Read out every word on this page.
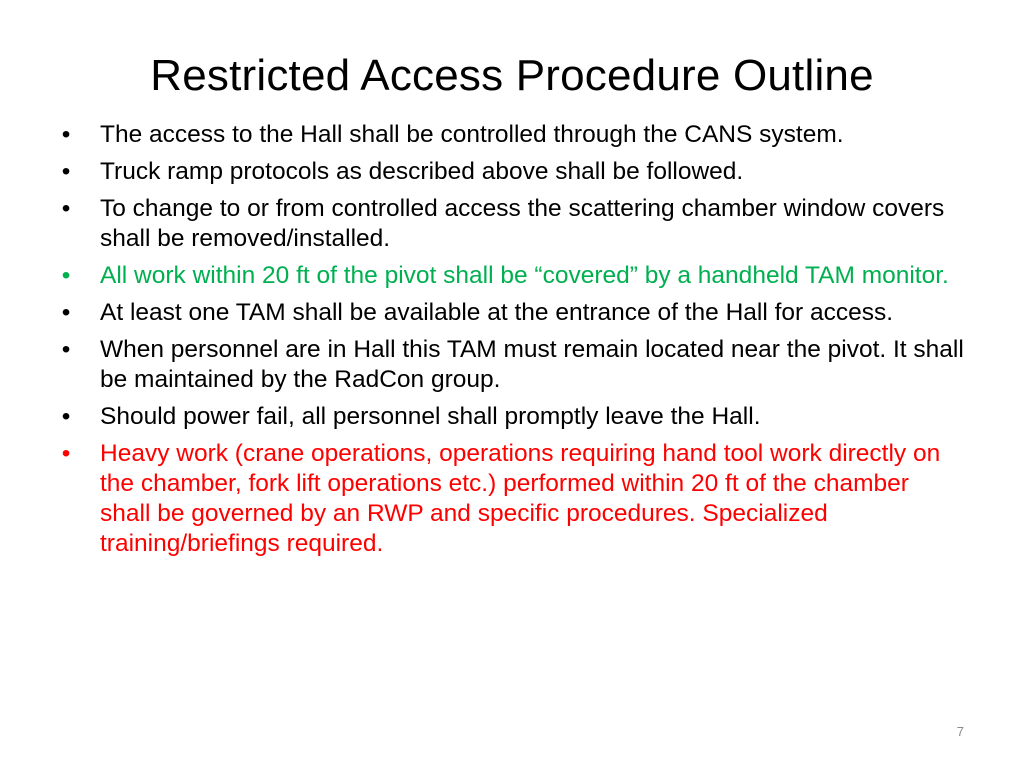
Restricted Access Procedure Outline
• The access to the Hall shall be controlled through the CANS system.
• Truck ramp protocols as described above shall be followed.
• To change to or from controlled access the scattering chamber window covers shall be removed/installed.
• All work within 20 ft of the pivot shall be “covered” by a handheld TAM monitor.
• At least one TAM shall be available at the entrance of the Hall for access.
• When personnel are in Hall this TAM must remain located near the pivot. It shall be maintained by the RadCon group.
• Should power fail, all personnel shall promptly leave the Hall.
• Heavy work (crane operations, operations requiring hand tool work directly on the chamber, fork lift operations etc.) performed within 20 ft of the chamber shall be governed by an RWP and specific procedures. Specialized training/briefings required.
7
